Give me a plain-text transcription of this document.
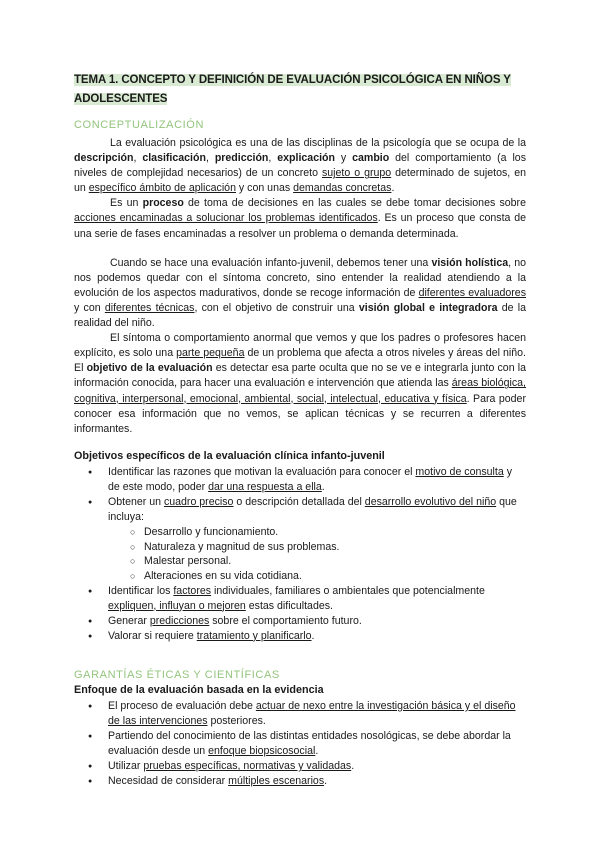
TEMA 1. CONCEPTO Y DEFINICIÓN DE EVALUACIÓN PSICOLÓGICA EN NIÑOS Y ADOLESCENTES
CONCEPTUALIZACIÓN

La evaluación psicológica es una de las disciplinas de la psicología que se ocupa de la descripción, clasificación, predicción, explicación y cambio del comportamiento (a los niveles de complejidad necesarios) de un concreto sujeto o grupo determinado de sujetos, en un específico ámbito de aplicación y con unas demandas concretas.

Es un proceso de toma de decisiones en las cuales se debe tomar decisiones sobre acciones encaminadas a solucionar los problemas identificados. Es un proceso que consta de una serie de fases encaminadas a resolver un problema o demanda determinada.

Cuando se hace una evaluación infanto-juvenil, debemos tener una visión holística, no nos podemos quedar con el síntoma concreto, sino entender la realidad atendiendo a la evolución de los aspectos madurativos, donde se recoge información de diferentes evaluadores y con diferentes técnicas, con el objetivo de construir una visión global e integradora de la realidad del niño.

El síntoma o comportamiento anormal que vemos y que los padres o profesores hacen explícito, es solo una parte pequeña de un problema que afecta a otros niveles y áreas del niño. El objetivo de la evaluación es detectar esa parte oculta que no se ve e integrarla junto con la información conocida, para hacer una evaluación e intervención que atienda las áreas biológica, cognitiva, interpersonal, emocional, ambiental, social, intelectual, educativa y física. Para poder conocer esa información que no vemos, se aplican técnicas y se recurren a diferentes informantes.

Objetivos específicos de la evaluación clínica infanto-juvenil
● Identificar las razones que motivan la evaluación para conocer el motivo de consulta y de este modo, poder dar una respuesta a ella.
● Obtener un cuadro preciso o descripción detallada del desarrollo evolutivo del niño que incluya:
○ Desarrollo y funcionamiento.
○ Naturaleza y magnitud de sus problemas.
○ Malestar personal.
○ Alteraciones en su vida cotidiana.
● Identificar los factores individuales, familiares o ambientales que potencialmente expliquen, influyan o mejoren estas dificultades.
● Generar predicciones sobre el comportamiento futuro.
● Valorar si requiere tratamiento y planificarlo.
GARANTÍAS ÉTICAS Y CIENTÍFICAS
Enfoque de la evaluación basada en la evidencia
● El proceso de evaluación debe actuar de nexo entre la investigación básica y el diseño de las intervenciones posteriores.
● Partiendo del conocimiento de las distintas entidades nosológicas, se debe abordar la evaluación desde un enfoque biopsicosocial.
● Utilizar pruebas específicas, normativas y validadas.
● Necesidad de considerar múltiples escenarios.
